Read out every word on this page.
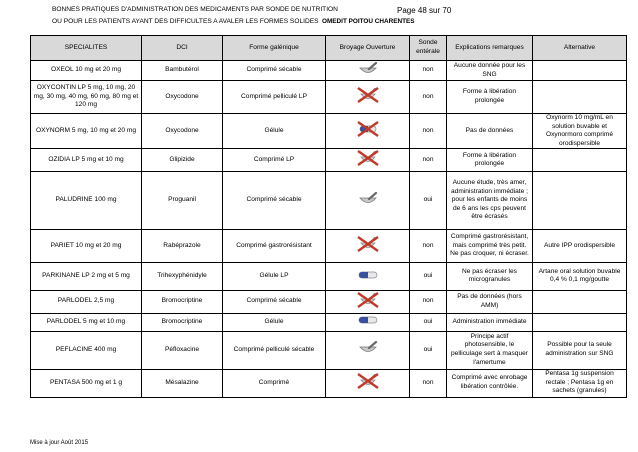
BONNES PRATIQUES D'ADMINISTRATION DES MEDICAMENTS PAR SONDE DE NUTRITION
OU POUR LES PATIENTS AYANT DES DIFFICULTES A AVALER LES FORMES SOLIDES
Page 48 sur 70
OMEDIT POITOU CHARENTES
SPECIALITES	DCI	Forme galénique	Broyage Ouverture	Sonde entérale	Explications remarques	Alternative
OXEOL 10 mg et 20 mg	Bambutérol	Comprimé sécable		non	Aucune donnée pour les SNG	
OXYCONTIN LP 5 mg, 10 mg, 20 mg, 30 mg, 40 mg, 60 mg, 80 mg et 120 mg	Oxycodone	Comprimé pelliculé LP		non	Forme à libération prolongée	
OXYNORM 5 mg, 10 mg et 20 mg	Oxycodone	Gélule		non	Pas de données	Oxynorm 10 mg/mL en solution buvable et Oxynormoro comprimé orodispersible
OZIDIA LP 5 mg et 10 mg	Glipizide	Comprimé LP		non	Forme à libération prolongée	
PALUDRINE 100 mg	Proguanil	Comprimé sécable		oui	Aucune étude, très amer, administration immédiate ; pour les enfants de moins de 6 ans les cps peuvent être écrasés	
PARIET 10 mg et 20 mg	Rabéprazole	Comprimé gastrorésistant		non	Comprimé gastrorésistant, mais comprimé très petit. Ne pas croquer, ni écraser.	Autre IPP orodispersible
PARKINANE LP 2 mg et 5 mg	Trihexyphénidyle	Gélule LP		oui	Ne pas écraser les microgranules	Artane oral solution buvable 0,4 % 0,1 mg/goutte
PARLODEL 2,5 mg	Bromocriptine	Comprimé sécable		non	Pas de données (hors AMM)	
PARLODEL 5 mg et 10 mg	Bromocriptine	Gélule		oui	Administration immédiate	
PEFLACINE 400 mg	Péfloxacine	Comprimé pelliculé sécable		oui	Principe actif photosensible, le pelliculage sert à masquer l'amertume	Possible pour la seule administration sur SNG
PENTASA 500 mg et 1 g	Mésalazine	Comprimé		non	Comprimé avec enrobage libération contrôlée.	Pentasa 1g suspension rectale ; Pentasa 1g en sachets (granules)
Mise à jour Août 2015
